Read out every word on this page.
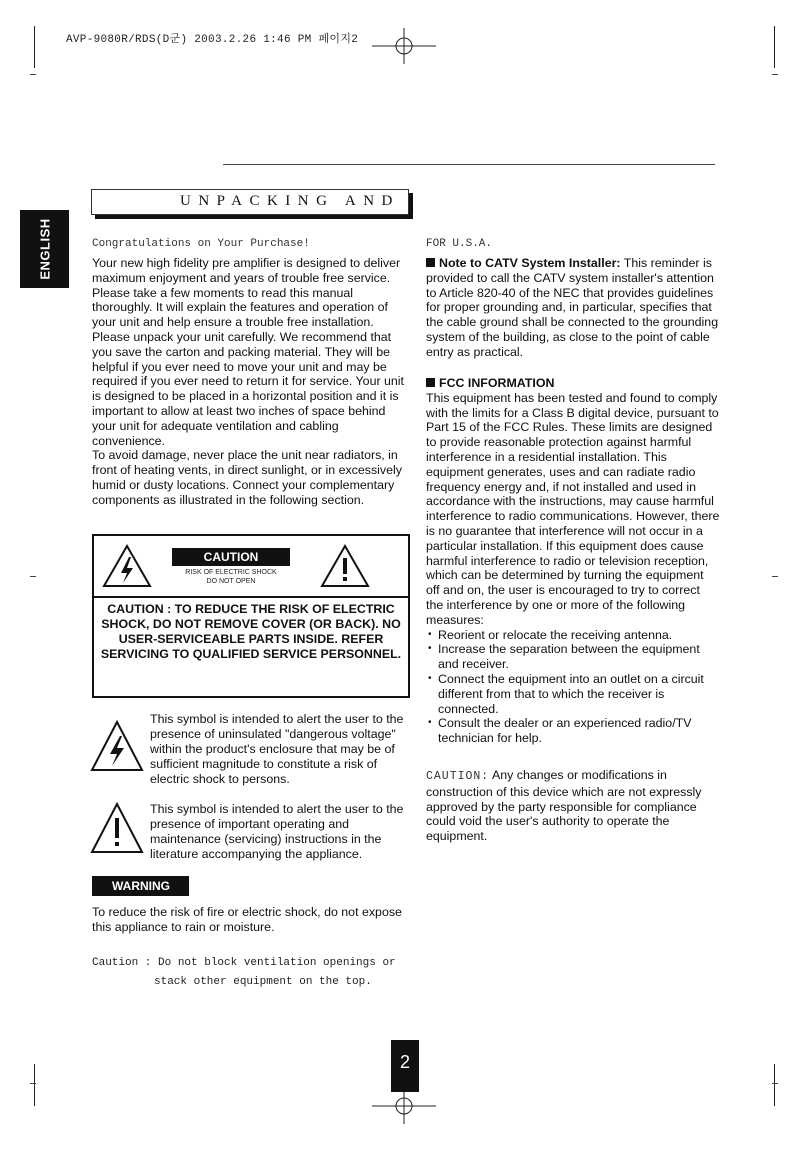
AVP-9080R/RDS(D군) 2003.2.26 1:46 PM 페이지2
ENGLISH
UNPACKING AND
Congratulations on Your Purchase!
Your new high fidelity pre amplifier is designed to deliver maximum enjoyment and years of trouble free service. Please take a few moments to read this manual thoroughly. It will explain the features and operation of your unit and help ensure a trouble free installation. Please unpack your unit carefully. We recommend that you save the carton and packing material. They will be helpful if you ever need to move your unit and may be required if you ever need to return it for service. Your unit is designed to be placed in a horizontal position and it is important to allow at least two inches of space behind your unit for adequate ventilation and cabling convenience.
To avoid damage, never place the unit near radiators, in front of heating vents, in direct sunlight, or in excessively humid or dusty locations. Connect your complementary components as illustrated in the following section.
CAUTION
RISK OF ELECTRIC SHOCK
DO NOT OPEN
CAUTION : TO REDUCE THE RISK OF ELECTRIC SHOCK, DO NOT REMOVE COVER (OR BACK). NO USER-SERVICEABLE PARTS INSIDE. REFER SERVICING TO QUALIFIED SERVICE PERSONNEL.
This symbol is intended to alert the user to the presence of uninsulated "dangerous voltage" within the product's enclosure that may be of sufficient magnitude to constitute a risk of electric shock to persons.
This symbol is intended to alert the user to the presence of important operating and maintenance (servicing) instructions in the literature accompanying the appliance.
WARNING
To reduce the risk of fire or electric shock, do not expose this appliance to rain or moisture.
Caution : Do not block ventilation openings or
stack other equipment on the top.
FOR U.S.A.
Note to CATV System Installer: This reminder is provided to call the CATV system installer's attention to Article 820-40 of the NEC that provides guidelines for proper grounding and, in particular, specifies that the cable ground shall be connected to the grounding system of the building, as close to the point of cable entry as practical.
FCC INFORMATION
This equipment has been tested and found to comply with the limits for a Class B digital device, pursuant to Part 15 of the FCC Rules. These limits are designed to provide reasonable protection against harmful interference in a residential installation. This equipment generates, uses and can radiate radio frequency energy and, if not installed and used in accordance with the instructions, may cause harmful interference to radio communications. However, there is no guarantee that interference will not occur in a particular installation. If this equipment does cause harmful interference to radio or television reception, which can be determined by turning the equipment off and on, the user is encouraged to try to correct the interference by one or more of the following measures:
• Reorient or relocate the receiving antenna.
• Increase the separation between the equipment and receiver.
• Connect the equipment into an outlet on a circuit different from that to which the receiver is connected.
• Consult the dealer or an experienced radio/TV technician for help.
CAUTION: Any changes or modifications in construction of this device which are not expressly approved by the party responsible for compliance could void the user's authority to operate the equipment.
2
